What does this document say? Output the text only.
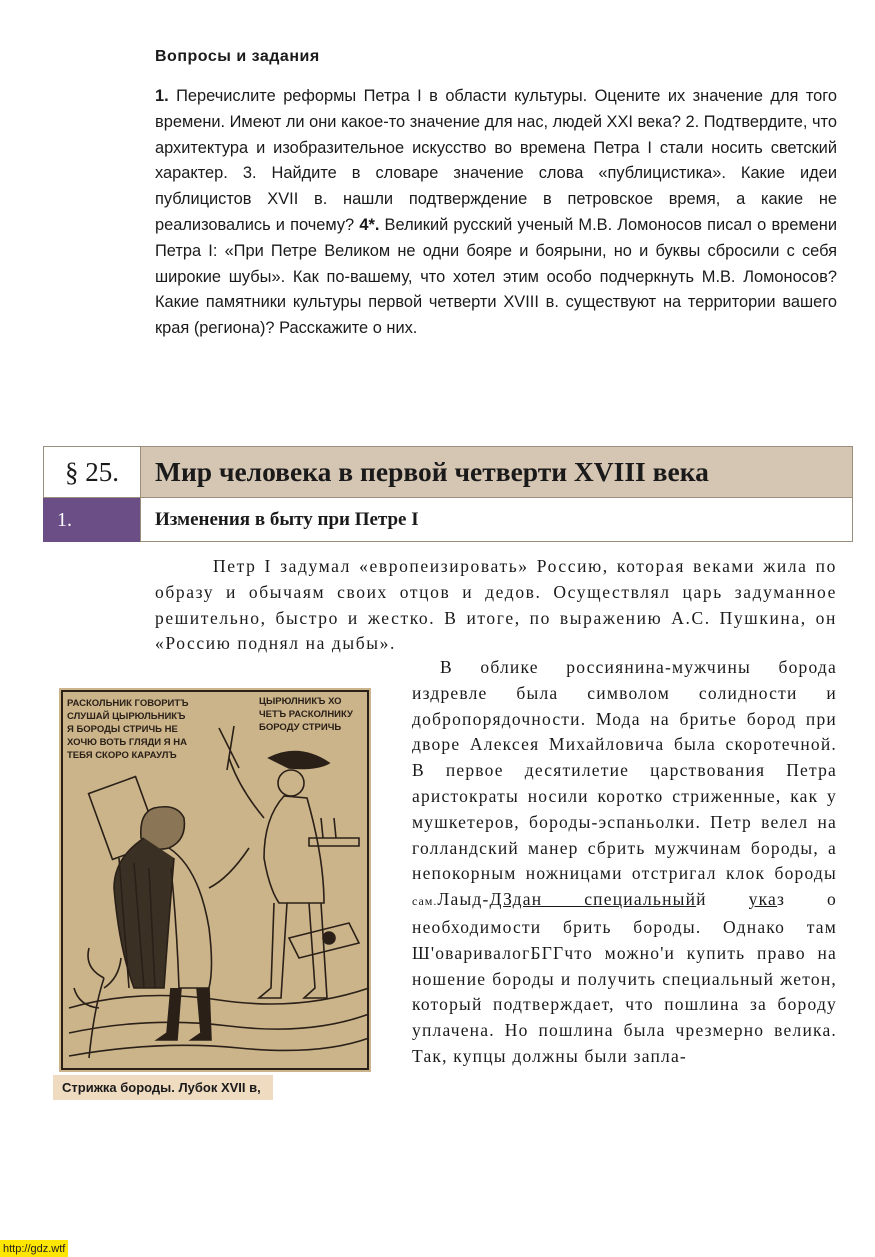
Вопросы и задания
1. Перечислите реформы Петра I в области культуры. Оцените их значение для того времени. Имеют ли они какое-то значение для нас, людей XXI века? 2. Подтвердите, что архитектура и изобразительное искусство во времена Петра I стали носить светский характер. 3. Найдите в словаре значение слова «публицистика». Какие идеи публицистов XVII в. нашли подтверждение в петровское время, а какие не реализовались и почему? 4*. Великий русский ученый М.В. Ломоносов писал о времени Петра I: «При Петре Великом не одни бояре и боярыни, но и буквы сбросили с себя широкие шубы». Как по-вашему, что хотел этим особо подчеркнуть М.В. Ломоносов? Какие памятники культуры первой четверти XVIII в. существуют на территории вашего края (региона)? Расскажите о них.
§ 25.	Мир человека в первой четверти XVIII века
1.	Изменения в быту при Петре I
Петр I задумал «европеизировать» Россию, которая веками жила по образу и обычаям своих отцов и дедов. Осуществлял царь задуманное решительно, быстро и жестко. В итоге, по выражению А.С. Пушкина, он «Россию поднял на дыбы».
В облике россиянина-мужчины борода издревле была символом солидности и добропорядочности. Мода на бритье бород при дворе Алексея Михайловича была скоротечной. В первое десятилетие царствования Петра аристократы носили коротко стриженные, как у мушкетеров, бороды-эспаньолки. Петр велел на голландский манер сбрить мужчинам бороды, а непокорным ножницами отстригал клок бороды сам.Лаыд-ДЗдан специальныйй указ о необходимости брить бороды. Однако там Ш'оваривалогБГГчто можно'и купить право на ношение бороды и получить специальный жетон, который подтверждает, что пошлина за бороду уплачена. Но пошлина была чрезмерно велика. Так, купцы должны были запла-
РАСКОЛЬНИК ГОВОРИТЪ
СЛУШАЙ ЦЫРЮЛЬНИКЪ
Я БОРОДЫ СТРИЧЬ НЕ
ХОЧЮ ВОТЬ ГЛЯДИ Я НА
ТЕБЯ СКОРО КАРАУЛЪ
ЦЫРЮЛНИКЪ ХО
ЧЕТЪ РАСКОЛНИКУ
БОРОДУ СТРИЧЬ
Стрижка бороды. Лубок XVII в,
http://gdz.wtf
